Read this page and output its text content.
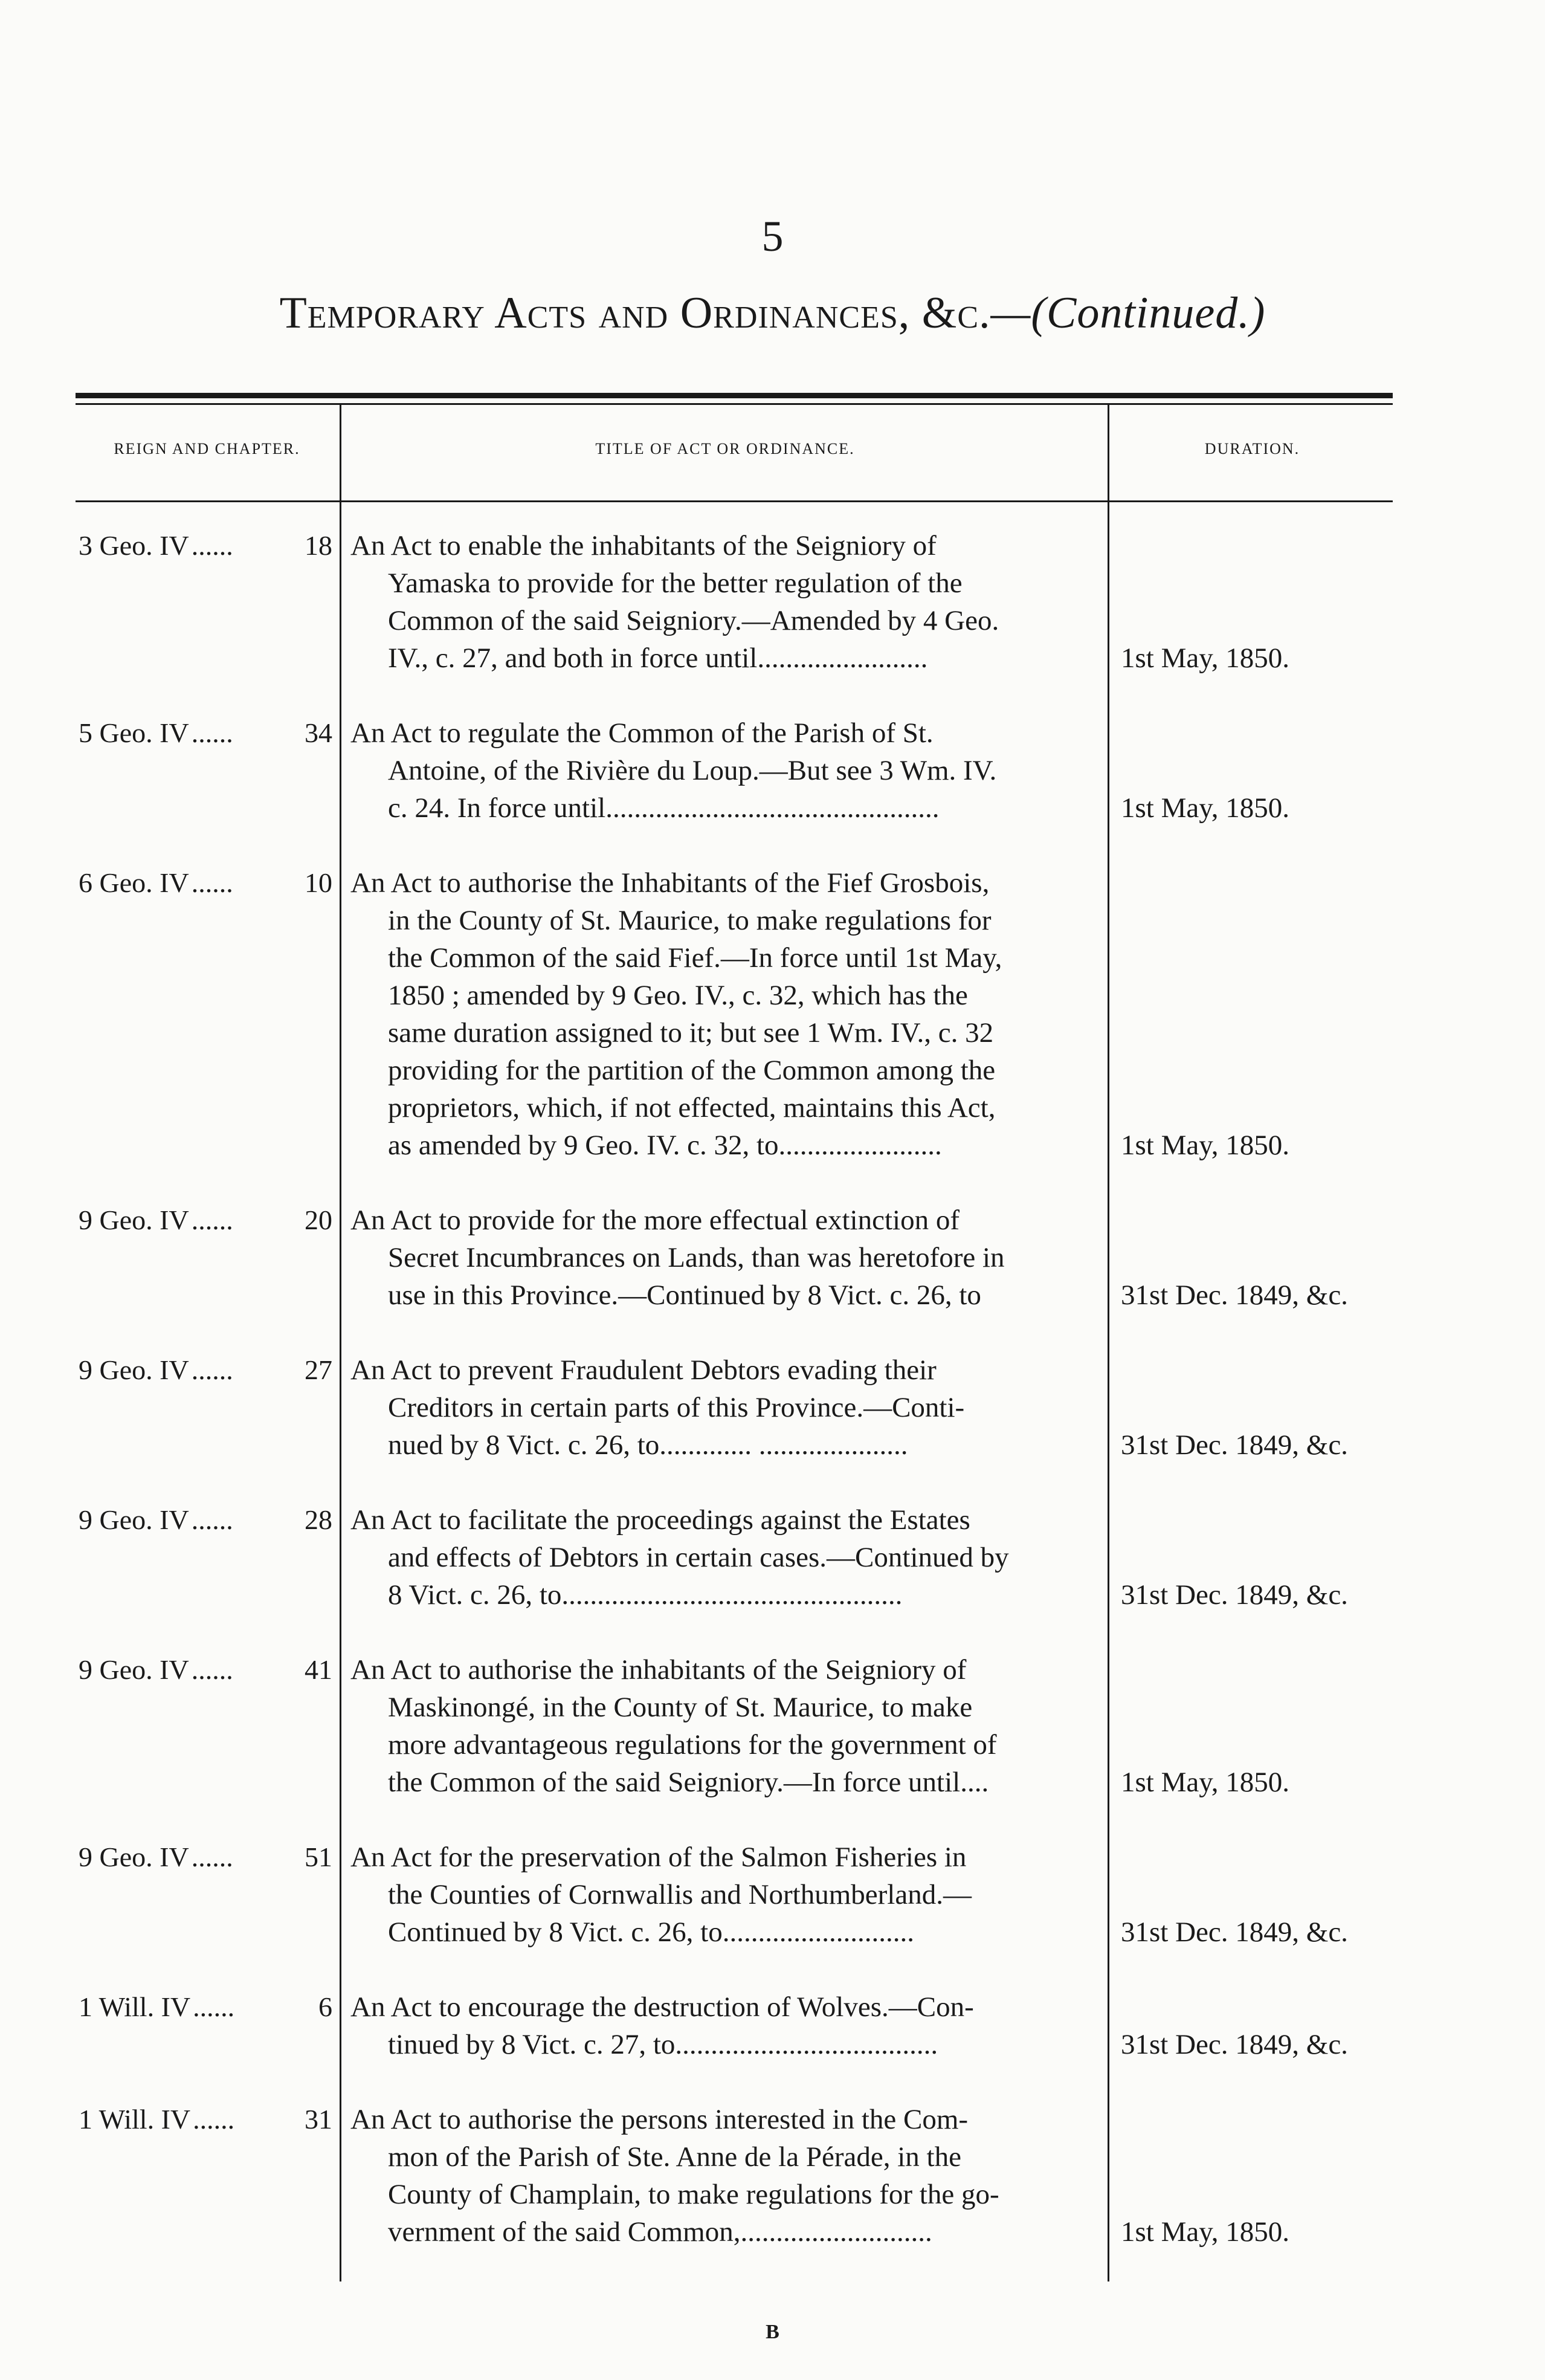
5
Temporary Acts and Ordinances, &c.—(Continued.)
REIGN AND CHAPTER.	TITLE OF ACT OR ORDINANCE.	DURATION.
3 Geo. IV ......	18 An Act to enable the inhabitants of the Seigniory of
Yamaska to provide for the better regulation of the
Common of the said Seigniory.—Amended by 4 Geo.
IV., c. 27, and both in force until........................	1st May, 1850.
5 Geo. IV ......	34 An Act to regulate the Common of the Parish of St.
Antoine, of the Rivière du Loup.—But see 3 Wm. IV.
c. 24. In force until...............................................	1st May, 1850.
6 Geo. IV ......	10 An Act to authorise the Inhabitants of the Fief Grosbois,
in the County of St. Maurice, to make regulations for
the Common of the said Fief.—In force until 1st May,
1850 ; amended by 9 Geo. IV., c. 32, which has the
same duration assigned to it; but see 1 Wm. IV., c. 32
providing for the partition of the Common among the
proprietors, which, if not effected, maintains this Act,
as amended by 9 Geo. IV. c. 32, to.......................	1st May, 1850.
9 Geo. IV ......	20 An Act to provide for the more effectual extinction of
Secret Incumbrances on Lands, than was heretofore in
use in this Province.—Continued by 8 Vict. c. 26, to	31st Dec. 1849, &c.
9 Geo. IV ......	27 An Act to prevent Fraudulent Debtors evading their
Creditors in certain parts of this Province.—Conti-
nued by 8 Vict. c. 26, to............. .....................	31st Dec. 1849, &c.
9 Geo. IV ......	28 An Act to facilitate the proceedings against the Estates
and effects of Debtors in certain cases.—Continued by
8 Vict. c. 26, to................................................	31st Dec. 1849, &c.
9 Geo. IV ......	41 An Act to authorise the inhabitants of the Seigniory of
Maskinongé, in the County of St. Maurice, to make
more advantageous regulations for the government of
the Common of the said Seigniory.—In force until....	1st May, 1850.
9 Geo. IV ......	51 An Act for the preservation of the Salmon Fisheries in
the Counties of Cornwallis and Northumberland.—
Continued by 8 Vict. c. 26, to...........................	31st Dec. 1849, &c.
1 Will. IV ......	6 An Act to encourage the destruction of Wolves.—Con-
tinued by 8 Vict. c. 27, to.....................................	31st Dec. 1849, &c.
1 Will. IV ......	31 An Act to authorise the persons interested in the Com-
mon of the Parish of Ste. Anne de la Pérade, in the
County of Champlain, to make regulations for the go-
vernment of the said Common,...........................	1st May, 1850.
B
